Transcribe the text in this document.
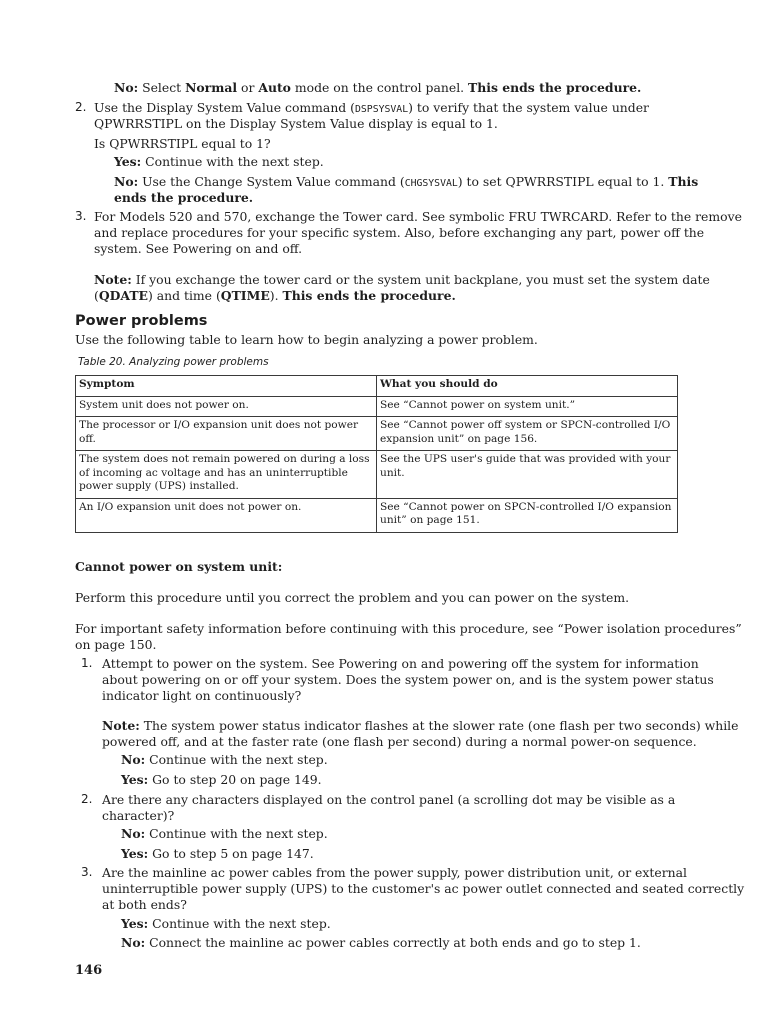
No: Select Normal or Auto mode on the control panel. This ends the procedure.
2. Use the Display System Value command (DSPSYSVAL) to verify that the system value under
QPWRRSTIPL on the Display System Value display is equal to 1.
Is QPWRRSTIPL equal to 1?
Yes: Continue with the next step.
No: Use the Change System Value command (CHGSYSVAL) to set QPWRRSTIPL equal to 1. This
ends the procedure.
3. For Models 520 and 570, exchange the Tower card. See symbolic FRU TWRCARD. Refer to the remove
and replace procedures for your specific system. Also, before exchanging any part, power off the
system. See Powering on and off.
Note: If you exchange the tower card or the system unit backplane, you must set the system date
(QDATE) and time (QTIME). This ends the procedure.
Power problems
Use the following table to learn how to begin analyzing a power problem.
Table 20. Analyzing power problems
Symptom	What you should do
System unit does not power on.	See “Cannot power on system unit.”
The processor or I/O expansion unit does not power off.	See “Cannot power off system or SPCN-controlled I/O expansion unit” on page 156.
The system does not remain powered on during a loss of incoming ac voltage and has an uninterruptible power supply (UPS) installed.	See the UPS user's guide that was provided with your unit.
An I/O expansion unit does not power on.	See “Cannot power on SPCN-controlled I/O expansion unit” on page 151.
Cannot power on system unit:
Perform this procedure until you correct the problem and you can power on the system.
For important safety information before continuing with this procedure, see “Power isolation procedures”
on page 150.
1. Attempt to power on the system. See Powering on and powering off the system for information
about powering on or off your system. Does the system power on, and is the system power status
indicator light on continuously?
Note: The system power status indicator flashes at the slower rate (one flash per two seconds) while
powered off, and at the faster rate (one flash per second) during a normal power-on sequence.
No: Continue with the next step.
Yes: Go to step 20 on page 149.
2. Are there any characters displayed on the control panel (a scrolling dot may be visible as a
character)?
No: Continue with the next step.
Yes: Go to step 5 on page 147.
3. Are the mainline ac power cables from the power supply, power distribution unit, or external
uninterruptible power supply (UPS) to the customer's ac power outlet connected and seated correctly
at both ends?
Yes: Continue with the next step.
No: Connect the mainline ac power cables correctly at both ends and go to step 1.
146
